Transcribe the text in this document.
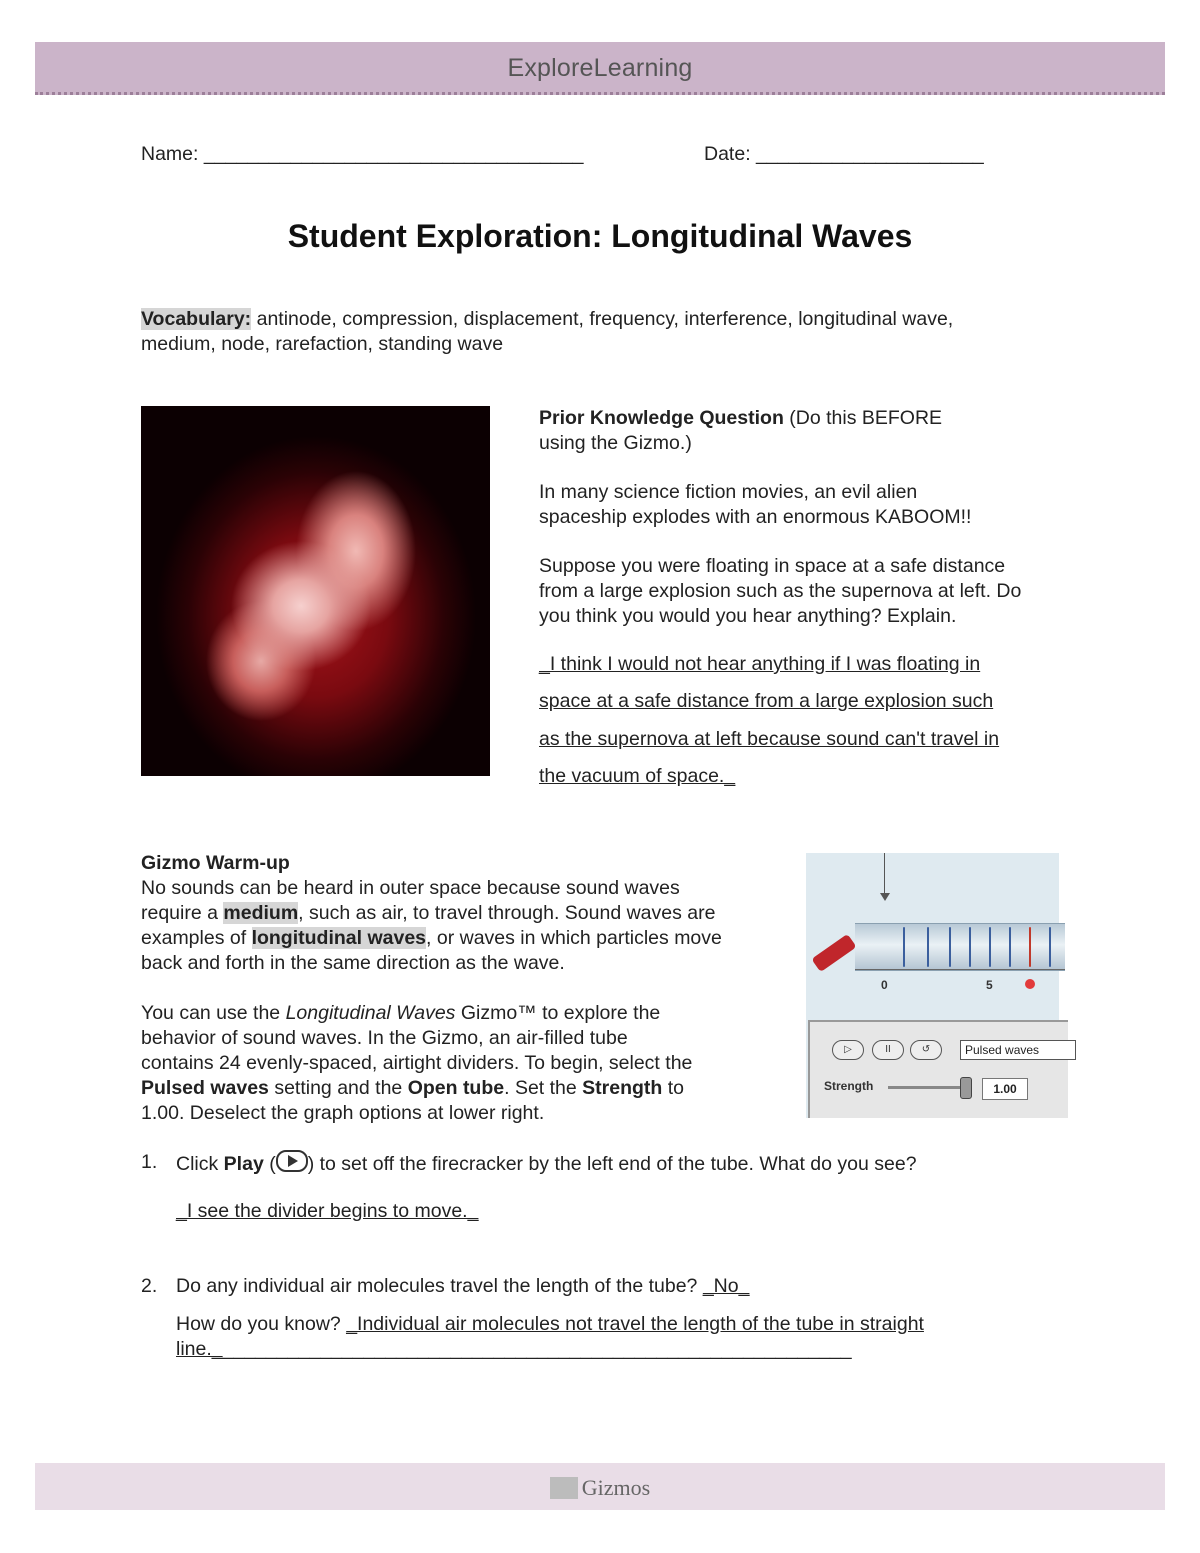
ExploreLearning
Name: ___________________________________	Date: _____________________
Student Exploration: Longitudinal Waves
Vocabulary: antinode, compression, displacement, frequency, interference, longitudinal wave,
medium, node, rarefaction, standing wave
Prior Knowledge Question (Do this BEFORE
using the Gizmo.)
In many science fiction movies, an evil alien
spaceship explodes with an enormous KABOOM!!
Suppose you were floating in space at a safe distance
from a large explosion such as the supernova at left. Do
you think you would you hear anything? Explain.
_I think I would not hear anything if I was floating in
space at a safe distance from a large explosion such
as the supernova at left because sound can't travel in
the vacuum of space._
Gizmo Warm-up
No sounds can be heard in outer space because sound waves
require a medium, such as air, to travel through. Sound waves are
examples of longitudinal waves, or waves in which particles move
back and forth in the same direction as the wave.
You can use the Longitudinal Waves Gizmo™ to explore the
behavior of sound waves. In the Gizmo, an air-filled tube
contains 24 evenly-spaced, airtight dividers. To begin, select the
Pulsed waves setting and the Open tube. Set the Strength to
1.00. Deselect the graph options at lower right.
0	5
▷	II	↺	Pulsed waves
Strength	1.00
1. Click Play ( ) to set off the firecracker by the left end of the tube. What do you see?
_I see the divider begins to move._
2. Do any individual air molecules travel the length of the tube? _No_
How do you know? _Individual air molecules not travel the length of the tube in straight
line.___________________________________________________________
Gizmos
